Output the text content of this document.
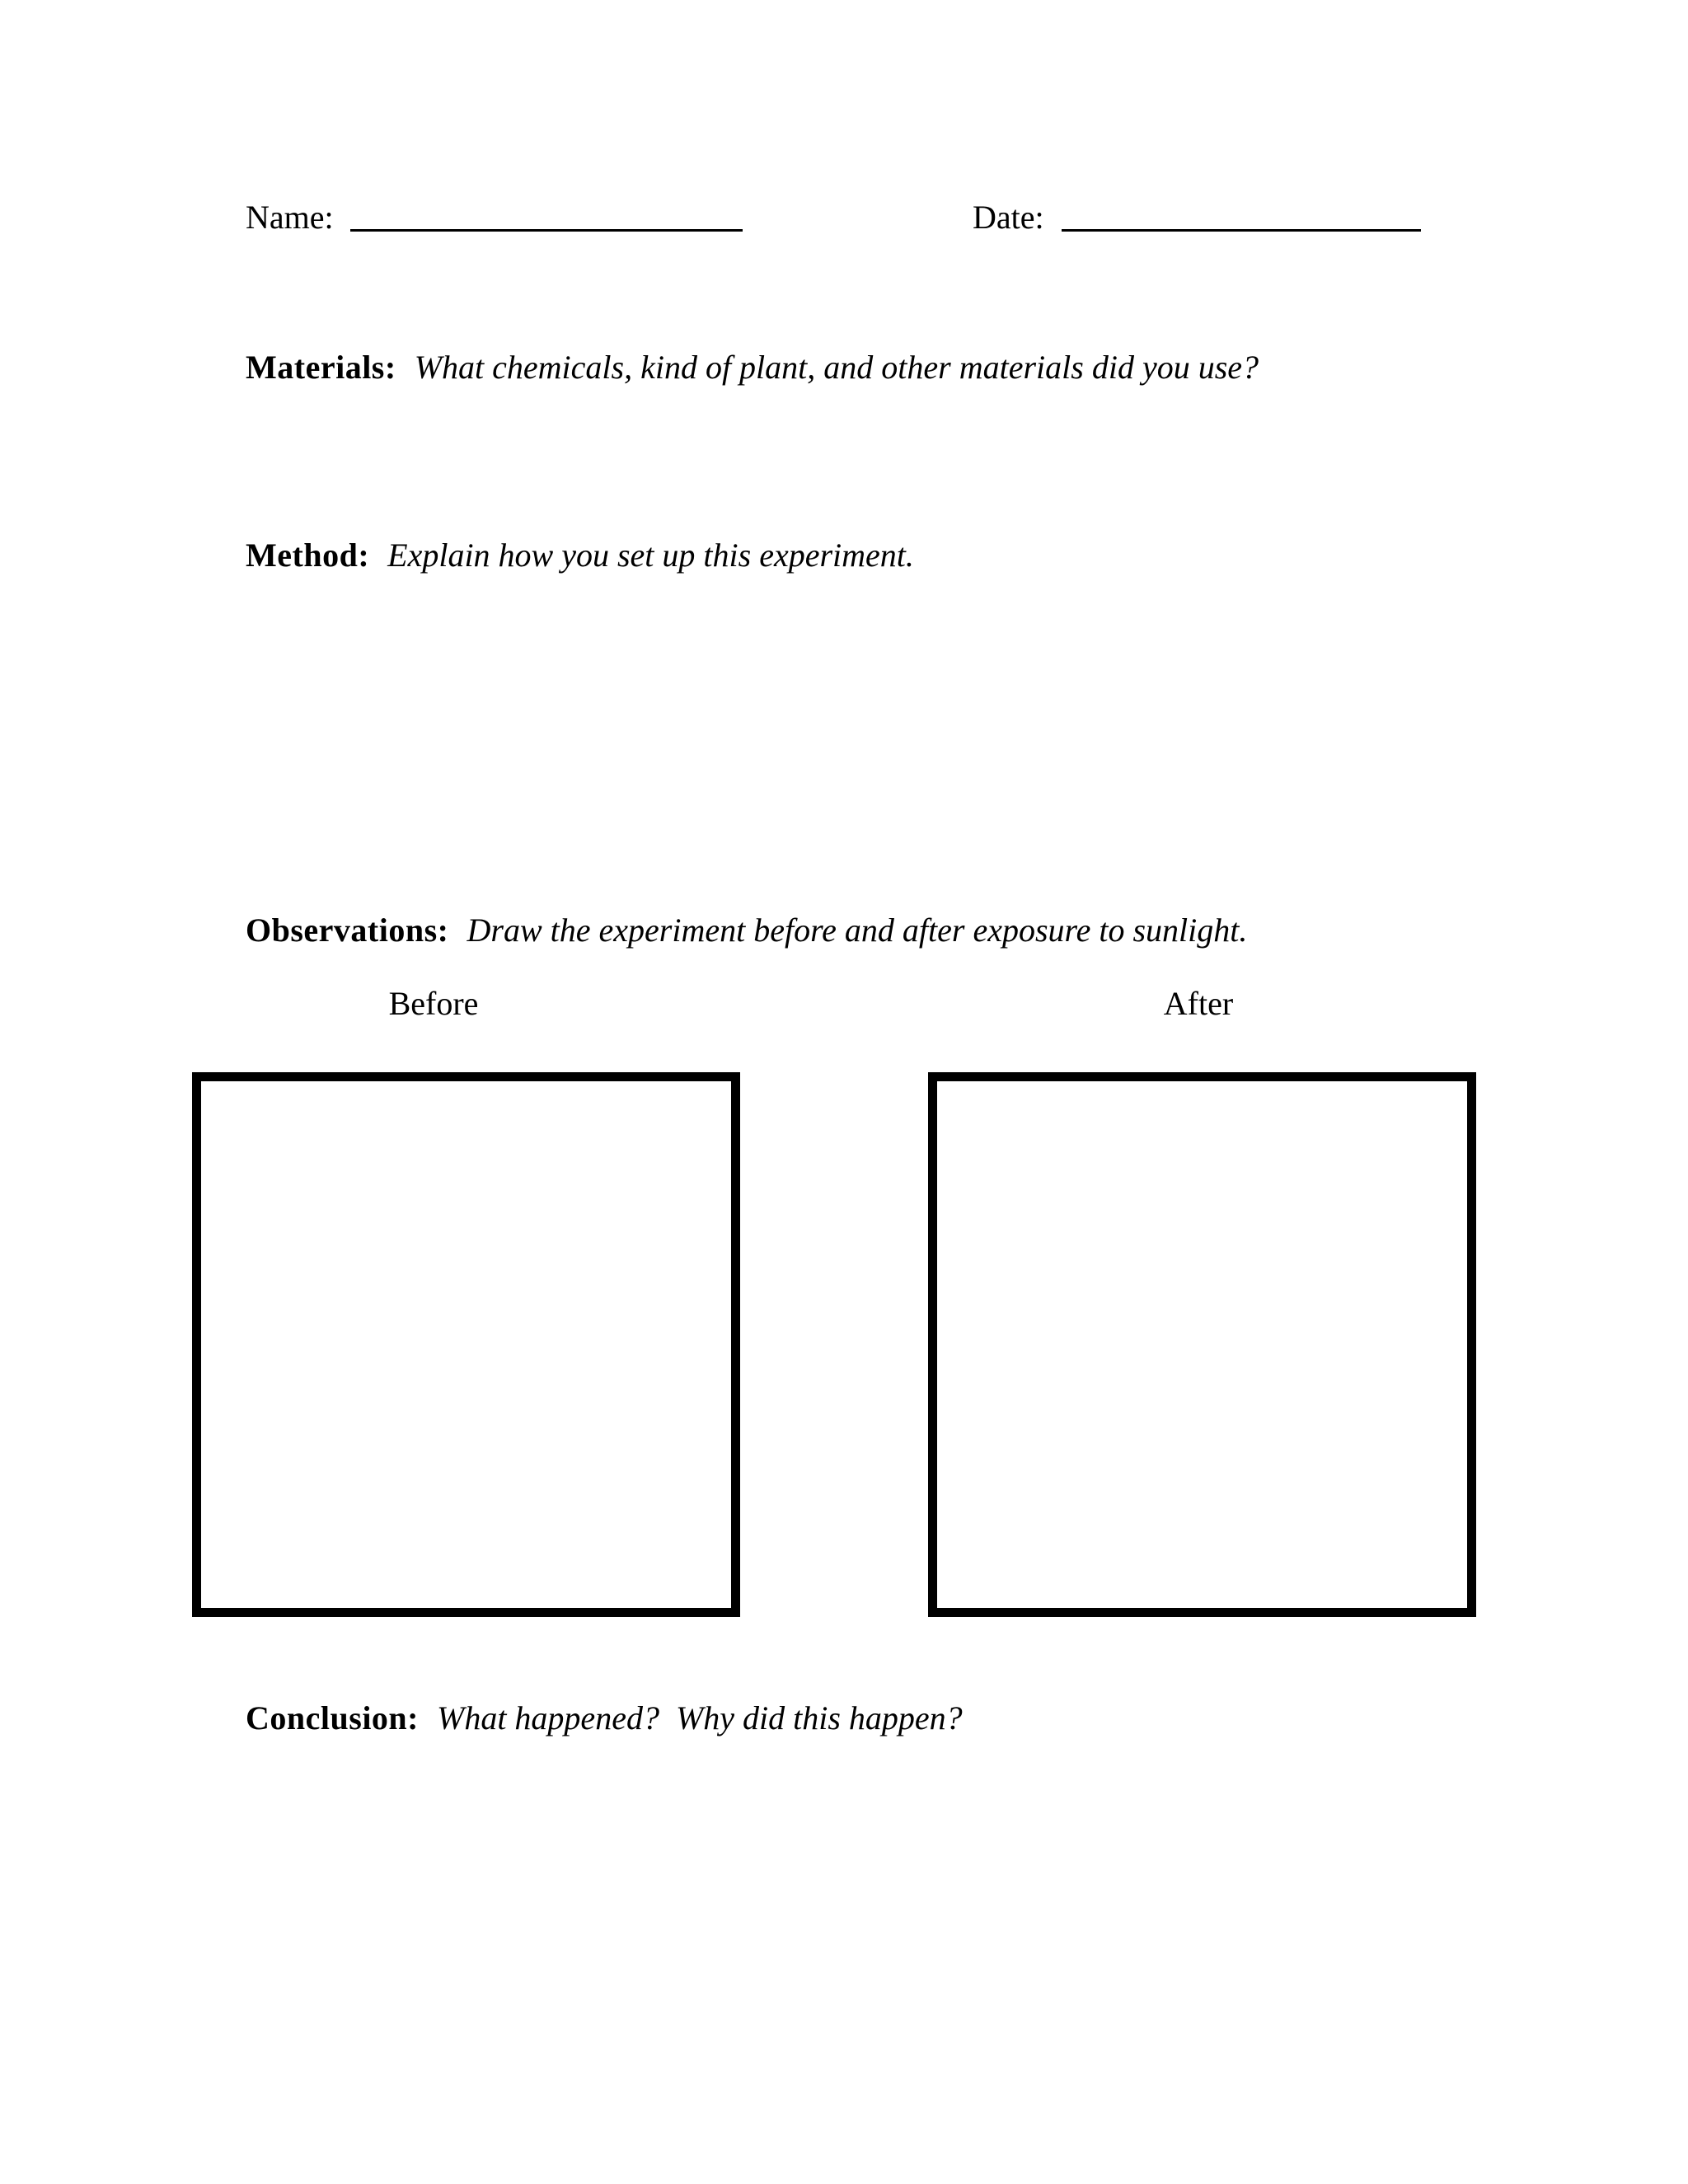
Name:	Date:
Materials: What chemicals, kind of plant, and other materials did you use?
Method: Explain how you set up this experiment.
Observations: Draw the experiment before and after exposure to sunlight.
Before	After
Conclusion: What happened?  Why did this happen?
